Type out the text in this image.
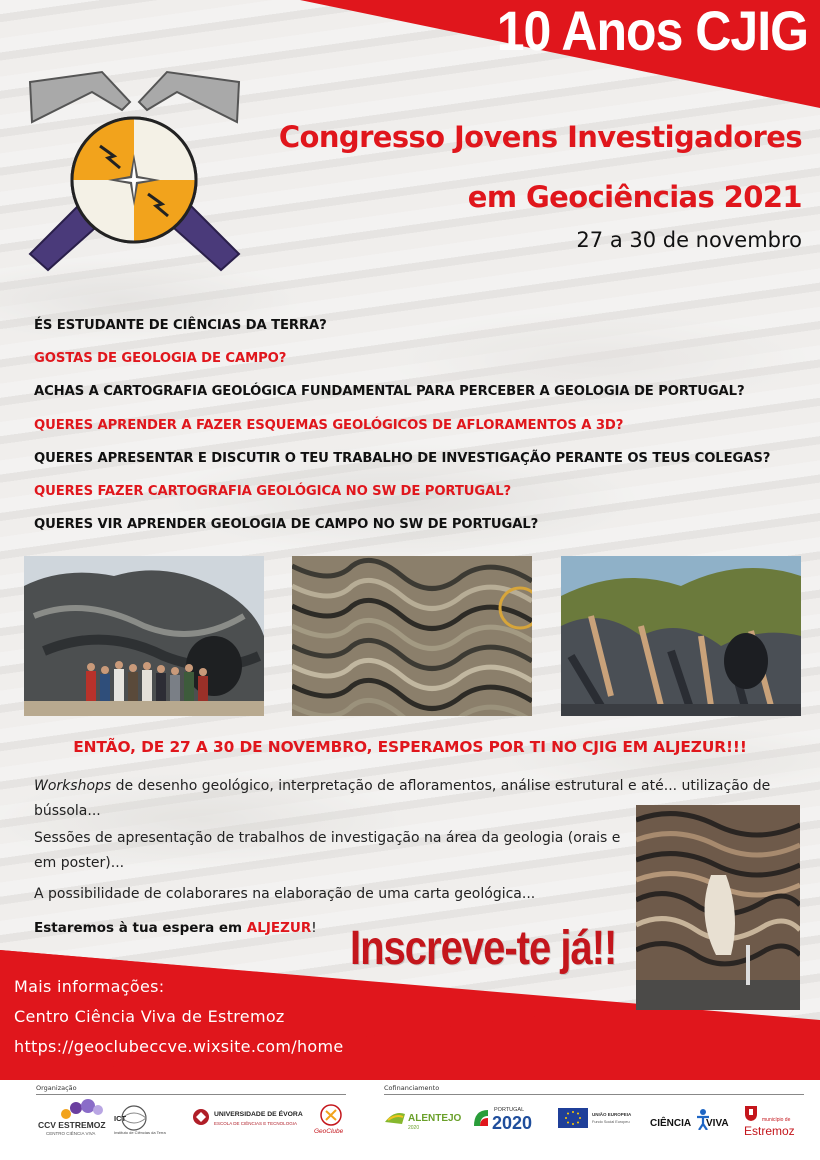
10 Anos CJIG
Congresso Jovens Investigadores
em Geociências 2021
27 a 30 de novembro
ÉS ESTUDANTE DE CIÊNCIAS DA TERRA?
GOSTAS DE GEOLOGIA DE CAMPO?
ACHAS A CARTOGRAFIA GEOLÓGICA FUNDAMENTAL PARA PERCEBER A GEOLOGIA DE PORTUGAL?
QUERES APRENDER A FAZER ESQUEMAS GEOLÓGICOS DE AFLORAMENTOS A 3D?
QUERES APRESENTAR E DISCUTIR O TEU TRABALHO DE INVESTIGAÇÃO PERANTE OS TEUS COLEGAS?
QUERES FAZER CARTOGRAFIA GEOLÓGICA NO SW DE PORTUGAL?
QUERES VIR APRENDER GEOLOGIA DE CAMPO NO SW DE PORTUGAL?
ENTÃO, DE 27 A 30 DE NOVEMBRO, ESPERAMOS POR TI NO CJIG EM ALJEZUR!!!
Workshops de desenho geológico, interpretação de afloramentos, análise estrutural e até... utilização de bússola...
Sessões de apresentação de trabalhos de investigação na área da geologia (orais e em poster)...
A possibilidade de colaborares na elaboração de uma carta geológica...
Estaremos à tua espera em ALJEZUR! Inscreve-te já!!
Mais informações:
Centro Ciência Viva de Estremoz
https://geoclubeccve.wixsite.com/home
Organização	Cofinanciamento
CCV ESTREMOZ
CENTRO CIÊNCIA VIVA
ICT
Instituto de Ciências da Terra
UNIVERSIDADE DE ÉVORA
ESCOLA DE CIÊNCIAS E TECNOLOGIA
GeoClube
ALENTEJO
2020
PORTUGAL
2020	UNIÃO EUROPEIA
Fundo Social Europeu CIÊNCIA VIVA	município de
Estremoz
